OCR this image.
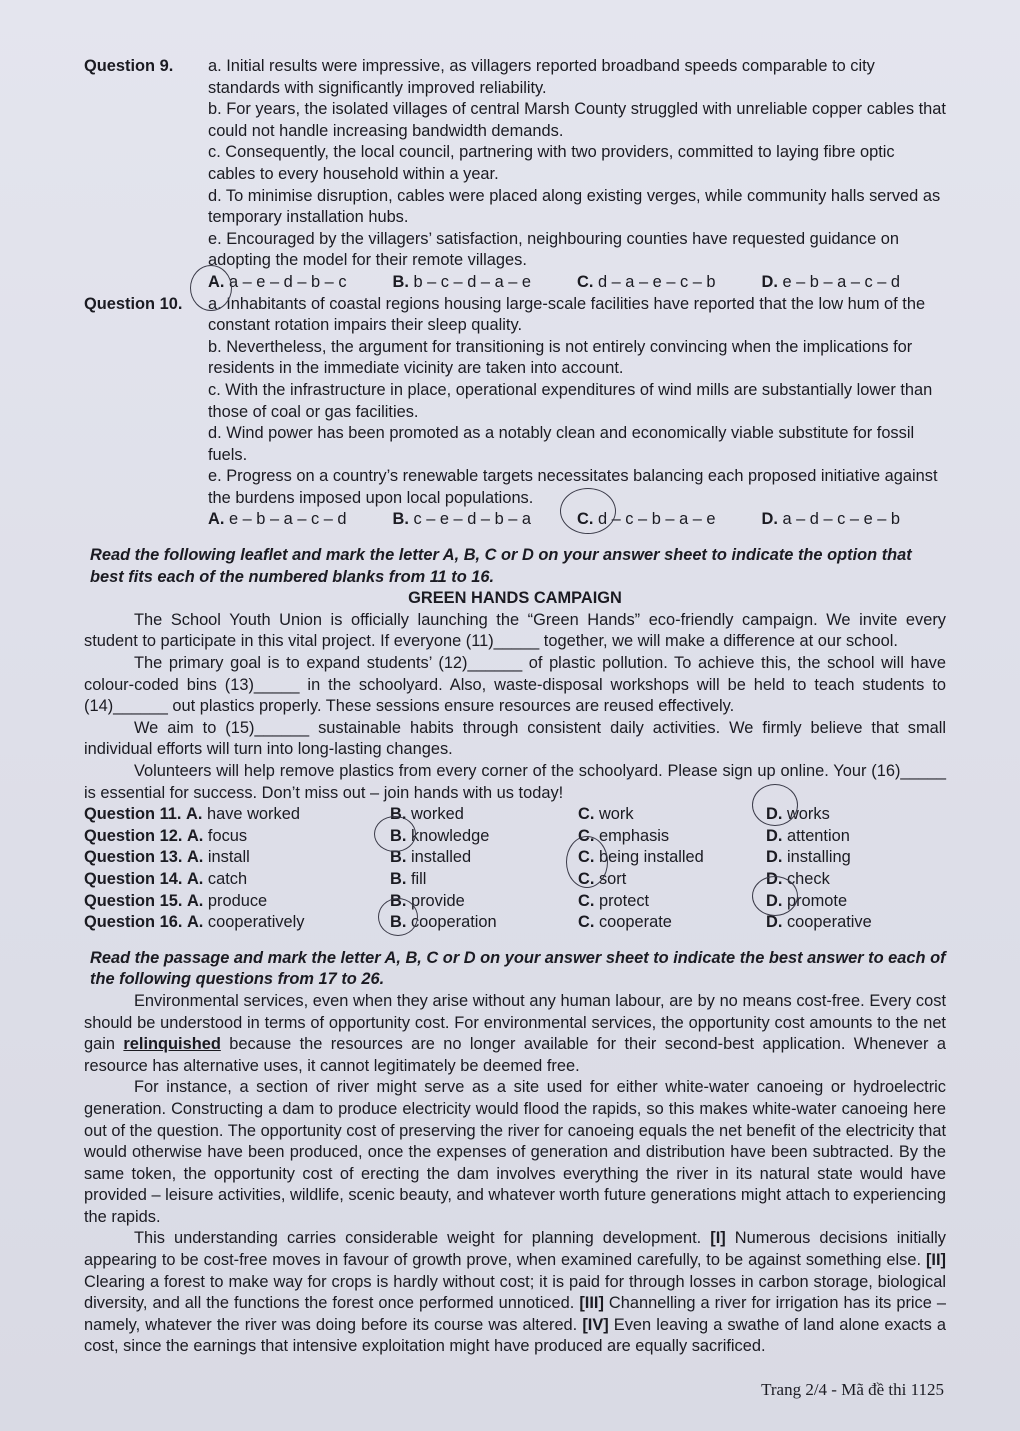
Question 9.	a. Initial results were impressive, as villagers reported broadband speeds comparable to city standards with significantly improved reliability.

b. For years, the isolated villages of central Marsh County struggled with unreliable copper cables that could not handle increasing bandwidth demands.

c. Consequently, the local council, partnering with two providers, committed to laying fibre optic cables to every household within a year.

d. To minimise disruption, cables were placed along existing verges, while community halls served as temporary installation hubs.

e. Encouraged by the villagers’ satisfaction, neighbouring counties have requested guidance on adopting the model for their remote villages.

A. a – e – d – b – c	B. b – c – d – a – e	C. d – a – e – c – b	D. e – b – a – c – d
Question 10.	a. Inhabitants of coastal regions housing large-scale facilities have reported that the low hum of the constant rotation impairs their sleep quality.

b. Nevertheless, the argument for transitioning is not entirely convincing when the implications for residents in the immediate vicinity are taken into account.

c. With the infrastructure in place, operational expenditures of wind mills are substantially lower than those of coal or gas facilities.

d. Wind power has been promoted as a notably clean and economically viable substitute for fossil fuels.

e. Progress on a country’s renewable targets necessitates balancing each proposed initiative against the burdens imposed upon local populations.

A. e – b – a – c – d	B. c – e – d – b – a	C. d – c – b – a – e	D. a – d – c – e – b
Read the following leaflet and mark the letter A, B, C or D on your answer sheet to indicate the option that best fits each of the numbered blanks from 11 to 16.
GREEN HANDS CAMPAIGN

The School Youth Union is officially launching the “Green Hands” eco-friendly campaign. We invite every student to participate in this vital project. If everyone (11)_____ together, we will make a difference at our school.

The primary goal is to expand students’ (12)______ of plastic pollution. To achieve this, the school will have colour-coded bins (13)_____ in the schoolyard. Also, waste-disposal workshops will be held to teach students to (14)______ out plastics properly. These sessions ensure resources are reused effectively.

We aim to (15)______ sustainable habits through consistent daily activities. We firmly believe that small individual efforts will turn into long-lasting changes.

Volunteers will help remove plastics from every corner of the schoolyard. Please sign up online. Your (16)_____ is essential for success. Don’t miss out – join hands with us today!

Question 11. A. have worked	B. worked	C. work	D. works
Question 12. A. focus	B. knowledge	C. emphasis	D. attention
Question 13. A. install	B. installed	C. being installed	D. installing
Question 14. A. catch	B. fill	C. sort	D. check
Question 15. A. produce	B. provide	C. protect	D. promote
Question 16. A. cooperatively	B. cooperation	C. cooperate	D. cooperative
Read the passage and mark the letter A, B, C or D on your answer sheet to indicate the best answer to each of the following questions from 17 to 26.

Environmental services, even when they arise without any human labour, are by no means cost-free. Every cost should be understood in terms of opportunity cost. For environmental services, the opportunity cost amounts to the net gain relinquished because the resources are no longer available for their second-best application. Whenever a resource has alternative uses, it cannot legitimately be deemed free.

For instance, a section of river might serve as a site used for either white-water canoeing or hydroelectric generation. Constructing a dam to produce electricity would flood the rapids, so this makes white-water canoeing here out of the question. The opportunity cost of preserving the river for canoeing equals the net benefit of the electricity that would otherwise have been produced, once the expenses of generation and distribution have been subtracted. By the same token, the opportunity cost of erecting the dam involves everything the river in its natural state would have provided – leisure activities, wildlife, scenic beauty, and whatever worth future generations might attach to experiencing the rapids.

This understanding carries considerable weight for planning development. [I] Numerous decisions initially appearing to be cost-free moves in favour of growth prove, when examined carefully, to be against something else. [II] Clearing a forest to make way for crops is hardly without cost; it is paid for through losses in carbon storage, biological diversity, and all the functions the forest once performed unnoticed. [III] Channelling a river for irrigation has its price – namely, whatever the river was doing before its course was altered. [IV] Even leaving a swathe of land alone exacts a cost, since the earnings that intensive exploitation might have produced are equally sacrificed.

Trang 2/4 - Mã đề thi 1125
